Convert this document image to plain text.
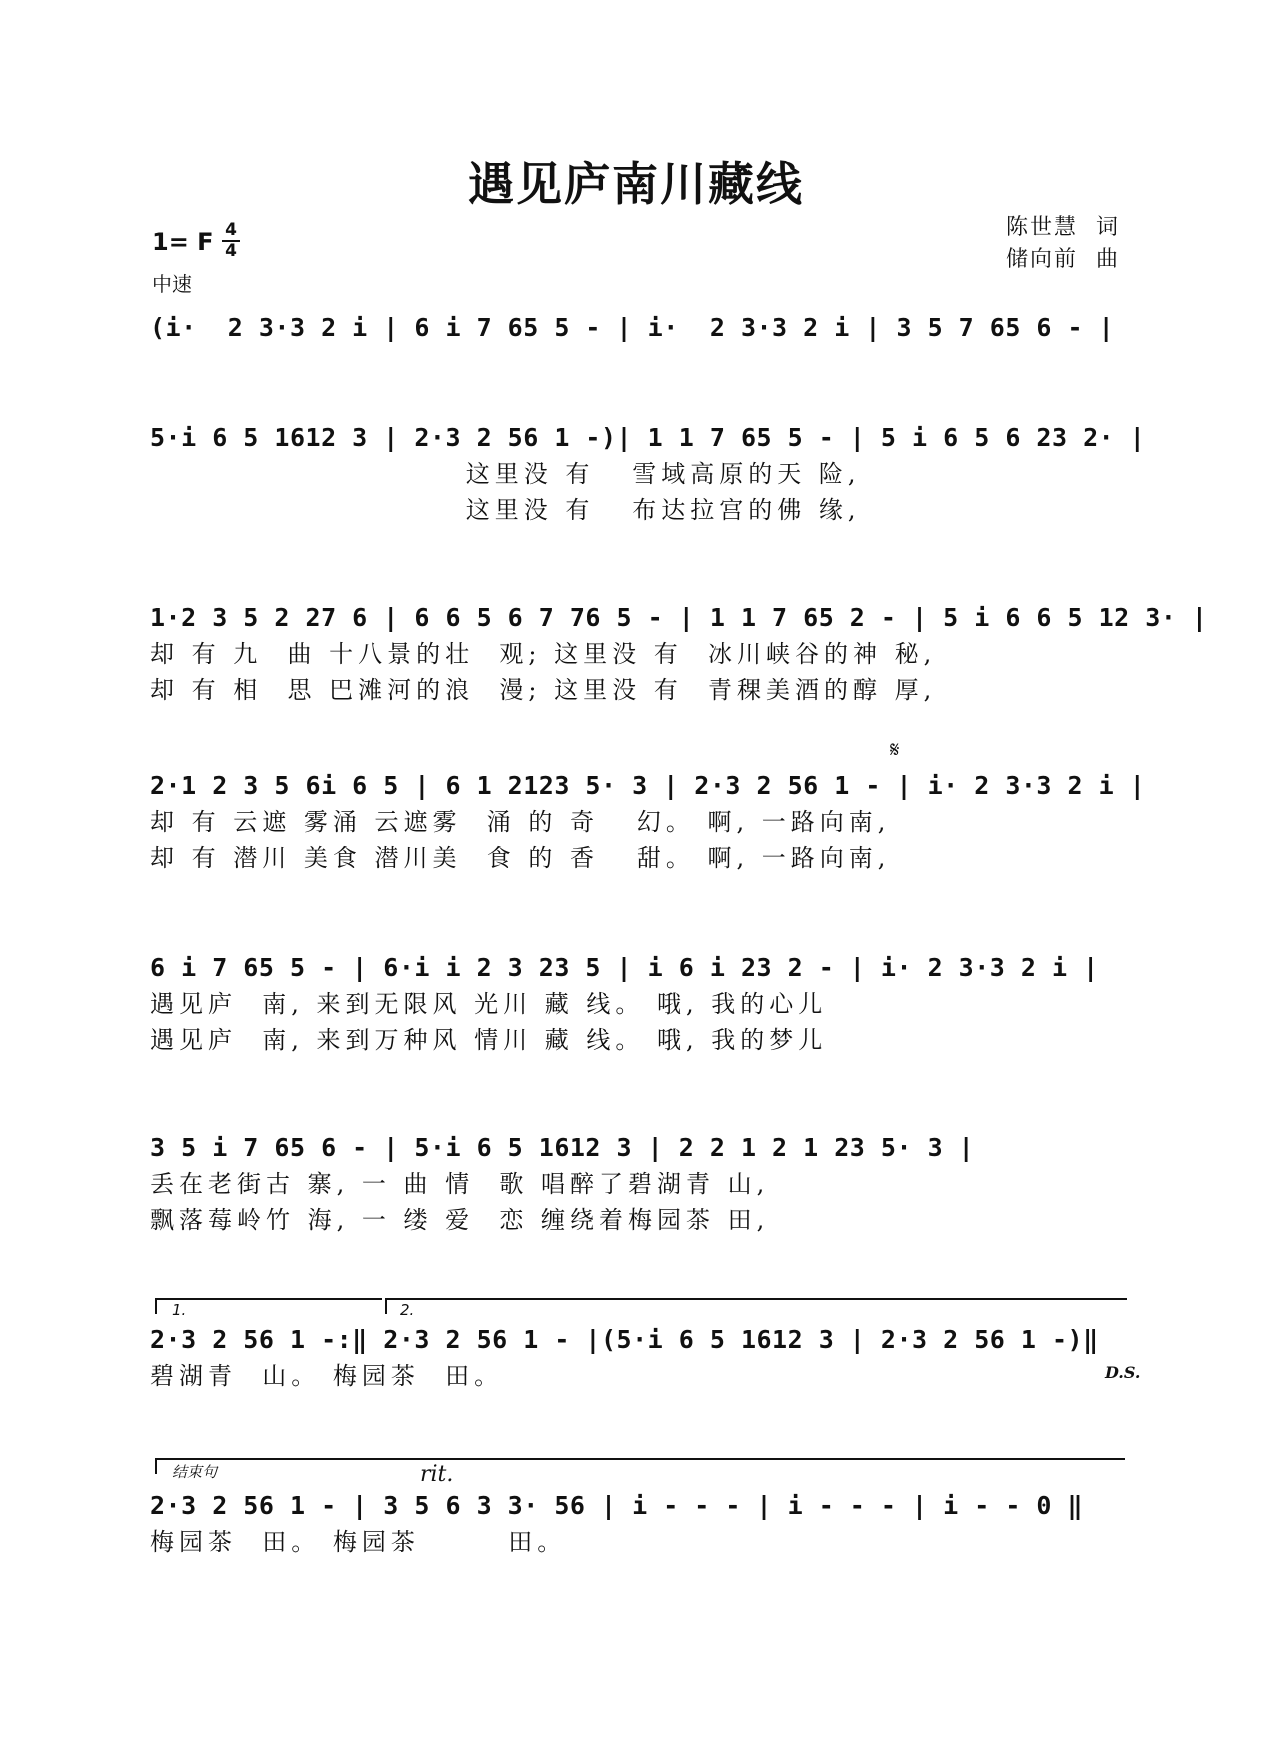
遇见庐南川藏线
陈世慧  词
储向前  曲
1= F 4
4
中速
(i·  2 3·3 2 i | 6 i 7 65 5 - | i·  2 3·3 2 i | 3 5 7 65 6 - |
5·i 6 5 1612 3 | 2·3 2 56 1 -)| 1 1 7 65 5 - | 5 i 6 5 6 23 2· |
这里没 有   雪域高原的天 险,
这里没 有   布达拉宫的佛 缘,
1·2 3 5 2 27 6 | 6 6 5 6 7 76 5 - | 1 1 7 65 2 - | 5 i 6 6 5 12 3· |
却 有 九  曲 十八景的壮  观; 这里没 有  冰川峡谷的神 秘,
却 有 相  思 巴滩河的浪  漫; 这里没 有  青稞美酒的醇 厚,
𝄋
2·1 2 3 5 6i 6 5 | 6 1 2123 5· 3 | 2·3 2 56 1 - | i· 2 3·3 2 i |
却 有 云遮 雾涌 云遮雾  涌 的 奇   幻。 啊, 一路向南,
却 有 潜川 美食 潜川美  食 的 香   甜。 啊, 一路向南,
6 i 7 65 5 - | 6·i i 2 3 23 5 | i 6 i 23 2 - | i· 2 3·3 2 i |
遇见庐  南, 来到无限风 光川 藏 线。 哦, 我的心儿
遇见庐  南, 来到万种风 情川 藏 线。 哦, 我的梦儿
3 5 i 7 65 6 - | 5·i 6 5 1612 3 | 2 2 1 2 1 23 5· 3 |
丢在老街古 寨, 一 曲 情  歌 唱醉了碧湖青 山,
飘落莓岭竹 海, 一 缕 爱  恋 缠绕着梅园茶 田,
1.	2.
2·3 2 56 1 -:‖ 2·3 2 56 1 - |(5·i 6 5 1612 3 | 2·3 2 56 1 -)‖
碧湖青  山。 梅园茶  田。	D.S.
结束句	rit.
2·3 2 56 1 - | 3 5 6 3 3· 56 | i - - - | i - - - | i - - 0 ‖
梅园茶  田。 梅园茶       田。
